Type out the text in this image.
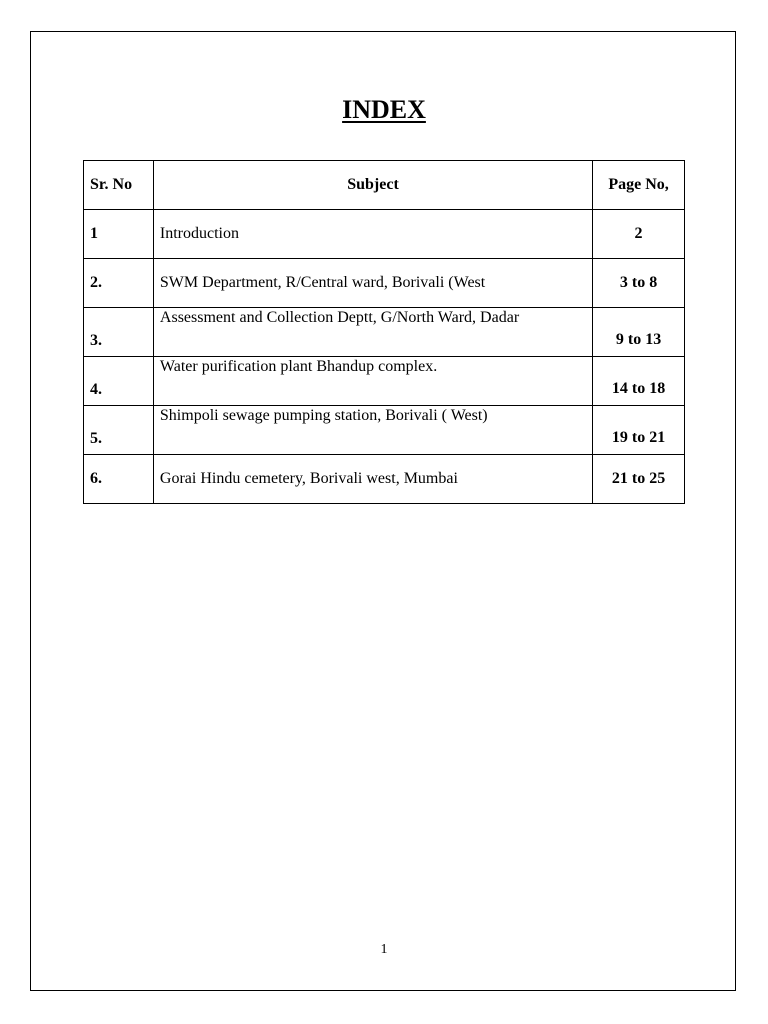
INDEX
Sr. No	Subject	Page No,
1	Introduction	2
2.	SWM Department, R/Central ward, Borivali (West	3 to 8
3.	Assessment and Collection Deptt, G/North Ward, Dadar	9 to 13
4.	Water purification plant Bhandup complex.	14 to 18
5.	Shimpoli sewage pumping station, Borivali ( West)	19 to 21
6.	Gorai Hindu cemetery, Borivali west, Mumbai	21 to 25
1
